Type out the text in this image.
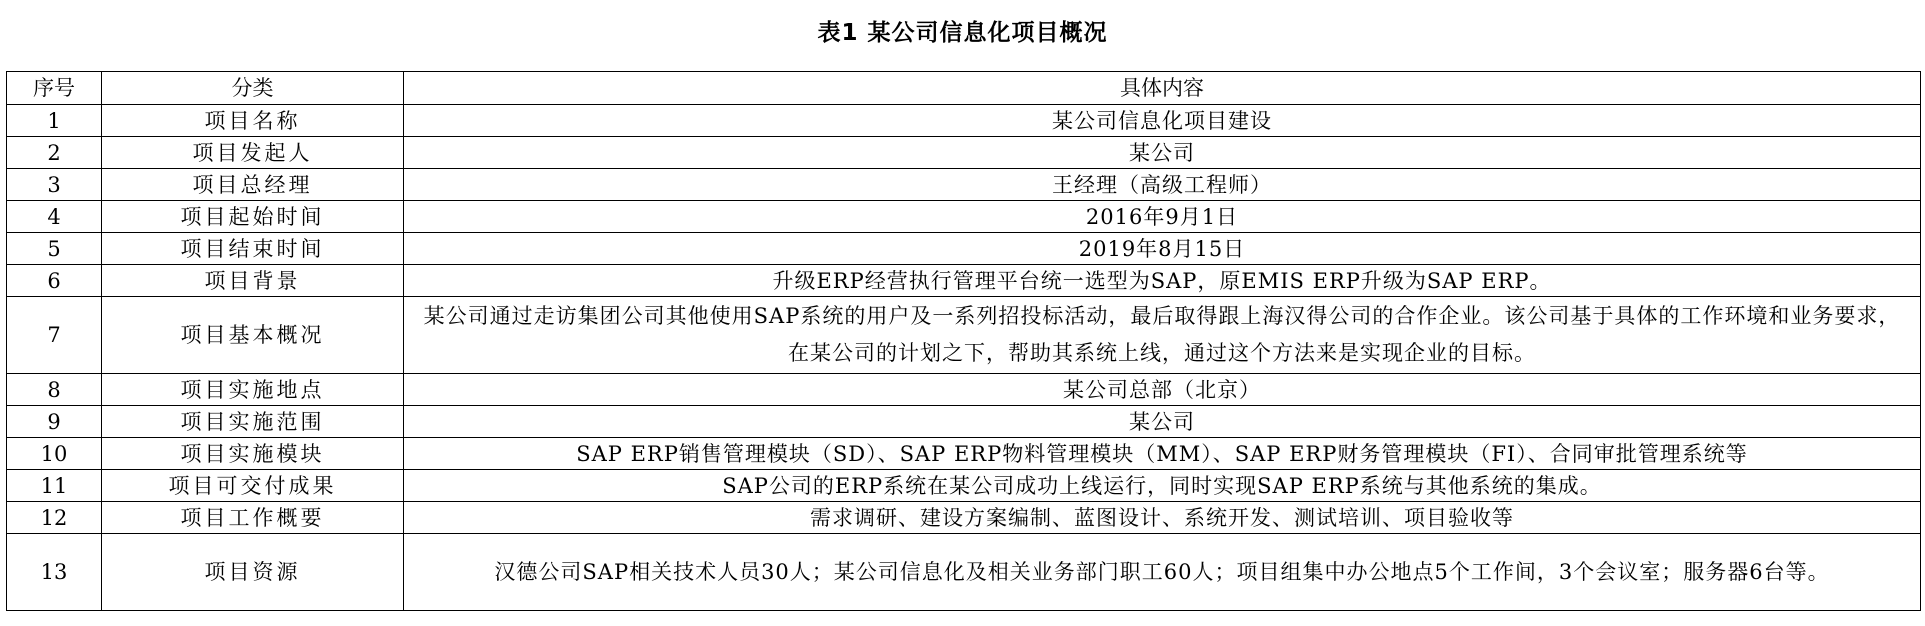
表1 某公司信息化项目概况
序号	分类	具体内容
1	项目名称	某公司信息化项目建设
2	项目发起人	某公司
3	项目总经理	王经理（高级工程师）
4	项目起始时间	2016年9月1日
5	项目结束时间	2019年8月15日
6	项目背景	升级ERP经营执行管理平台统一选型为SAP，原EMIS ERP升级为SAP ERP。
7	项目基本概况	某公司通过走访集团公司其他使用SAP系统的用户及一系列招投标活动，最后取得跟上海汉得公司的合作企业。该公司基于具体的工作环境和业务要求，在某公司的计划之下，帮助其系统上线，通过这个方法来是实现企业的目标。
8	项目实施地点	某公司总部（北京）
9	项目实施范围	某公司
10	项目实施模块	SAP ERP销售管理模块（SD）、SAP ERP物料管理模块（MM）、SAP ERP财务管理模块（FI）、合同审批管理系统等
11	项目可交付成果	SAP公司的ERP系统在某公司成功上线运行，同时实现SAP ERP系统与其他系统的集成。
12	项目工作概要	需求调研、建设方案编制、蓝图设计、系统开发、测试培训、项目验收等
13	项目资源	汉德公司SAP相关技术人员30人；某公司信息化及相关业务部门职工60人；项目组集中办公地点5个工作间，3个会议室；服务器6台等。
